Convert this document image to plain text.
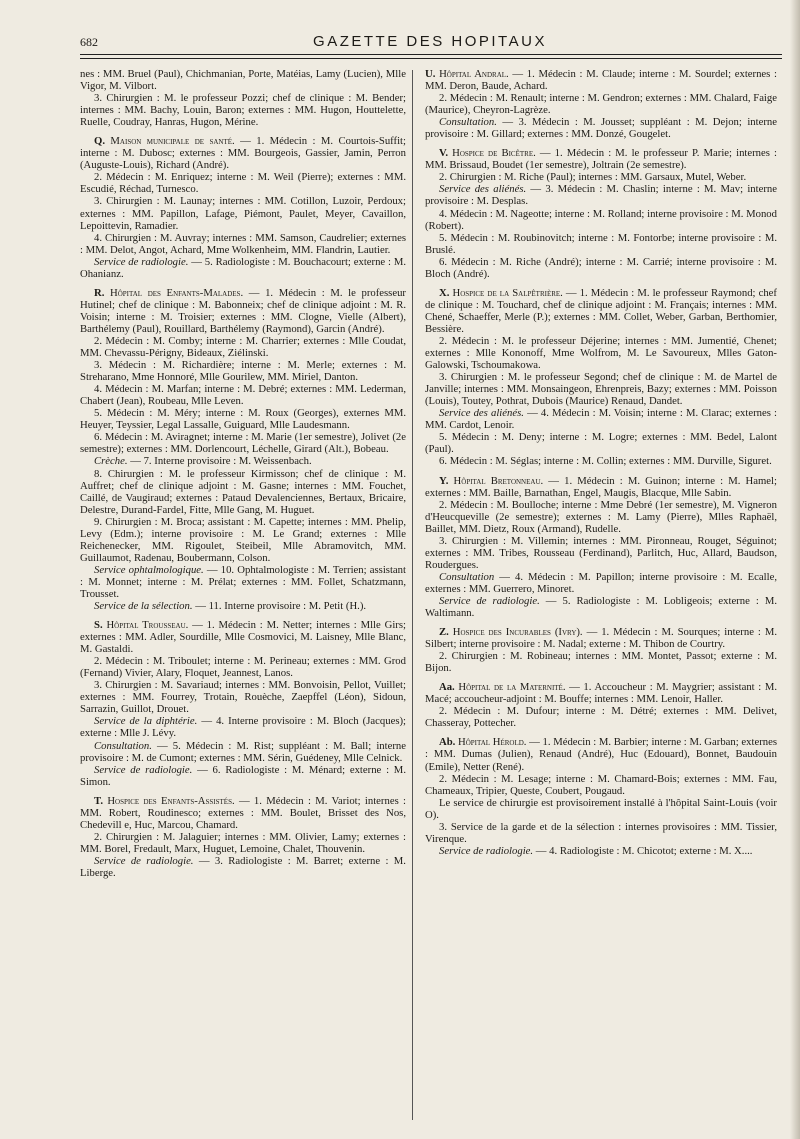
682	GAZETTE DES HOPITAUX

nes : MM. Bruel (Paul), Chichmanian, Porte, Matéias, Lamy (Lucien), Mlle Vigor, M. Vilbort.

3. Chirurgien : M. le professeur Pozzi; chef de clinique : M. Bender; internes : MM. Bachy, Louin, Baron; externes : MM. Hugon, Houttelette, Ruelle, Coudray, Hanras, Hugon, Mérine.

Q. Maison municipale de santé. — 1. Médecin : M. Courtois-Suffit; interne : M. Dubosc; externes : MM. Bourgeois, Gassier, Jamin, Perron (Auguste-Louis), Richard (André).

2. Médecin : M. Enriquez; interne : M. Weil (Pierre); externes : MM. Escudié, Réchad, Turnesco.

3. Chirurgien : M. Launay; internes : MM. Cotillon, Luzoir, Perdoux; externes : MM. Papillon, Lafage, Piémont, Paulet, Meyer, Cavaillon, Lepoittevin, Ramadier.

4. Chirurgien : M. Auvray; internes : MM. Samson, Caudrelier; externes : MM. Delot, Angot, Achard, Mme Wolkenheim, MM. Flandrin, Lautier.

Service de radiologie. — 5. Radiologiste : M. Bouchacourt; externe : M. Ohanianz.

R. Hôpital des Enfants-Malades. — 1. Médecin : M. le professeur Hutinel; chef de clinique : M. Babonneix; chef de clinique adjoint : M. R. Voisin; interne : M. Troisier; externes : MM. Clogne, Vielle (Albert), Barthélemy (Paul), Rouillard, Barthélemy (Raymond), Garcin (André).

2. Médecin : M. Comby; interne : M. Charrier; externes : Mlle Coudat, MM. Chevassu-Périgny, Bideaux, Ziélinski.

3. Médecin : M. Richardière; interne : M. Merle; externes : M. Streharano, Mme Honnoré, Mlle Gourilew, MM. Miriel, Danton.

4. Médecin : M. Marfan; interne : M. Debré; externes : MM. Lederman, Chabert (Jean), Roubeau, Mlle Leven.

5. Médecin : M. Méry; interne : M. Roux (Georges), externes MM. Heuyer, Teyssier, Legal Lassalle, Guiguard, Mlle Laudesmann.

6. Médecin : M. Aviragnet; interne : M. Marie (1er semestre), Jolivet (2e semestre); externes : MM. Dorlencourt, Léchelle, Girard (Alt.), Bobeau.

Crèche. — 7. Interne provisoire : M. Weissenbach.

8. Chirurgien : M. le professeur Kirmisson; chef de clinique : M. Auffret; chef de clinique adjoint : M. Gasne; internes : MM. Fouchet, Caillé, de Vaugiraud; externes : Pataud Devalenciennes, Bertaux, Bricaire, Delestre, Durand-Fardel, Fitte, Mlle Gang, M. Huguet.

9. Chirurgien : M. Broca; assistant : M. Capette; internes : MM. Phelip, Levy (Edm.); interne provisoire : M. Le Grand; externes : Mlle Reichenecker, MM. Rigoulet, Steibeil, Mlle Abramovitch, MM. Guillaumot, Radenau, Boubermann, Colson.

Service ophtalmologique. — 10. Ophtalmologiste : M. Terrien; assistant : M. Monnet; interne : M. Prélat; externes : MM. Follet, Schatzmann, Trousset.

Service de la sélection. — 11. Interne provisoire : M. Petit (H.).

S. Hôpital Trousseau. — 1. Médecin : M. Netter; internes : Mlle Girs; externes : MM. Adler, Sourdille, Mlle Cosmovici, M. Laisney, Mlle Blanc, M. Gastaldi.

2. Médecin : M. Triboulet; interne : M. Perineau; externes : MM. Grod (Fernand) Vivier, Alary, Floquet, Jeannest, Lanos.

3. Chirurgien : M. Savariaud; internes : MM. Bonvoisin, Pellot, Vuillet; externes : MM. Fourrey, Trotain, Rouèche, Zaepffel (Léon), Sidoun, Sarrazin, Guillot, Drouet.

Service de la diphtérie. — 4. Interne provisoire : M. Bloch (Jacques); externe : Mlle J. Lévy.

Consultation. — 5. Médecin : M. Rist; suppléant : M. Ball; interne provisoire : M. de Cumont; externes : MM. Sérin, Guédeney, Mlle Celnick.

Service de radiologie. — 6. Radiologiste : M. Ménard; externe : M. Simon.

T. Hospice des Enfants-Assistés. — 1. Médecin : M. Variot; internes : MM. Robert, Roudinesco; externes : MM. Boulet, Brisset des Nos, Chedevill e, Huc, Marcou, Chamard.

2. Chirurgien : M. Jalaguier; internes : MM. Olivier, Lamy; externes : MM. Borel, Fredault, Marx, Huguet, Lemoine, Chalet, Thouvenin.

Service de radiologie. — 3. Radiologiste : M. Barret; externe : M. Liberge.

U. Hôpital Andral. — 1. Médecin : M. Claude; interne : M. Sourdel; externes : MM. Deron, Baude, Achard.

2. Médecin : M. Renault; interne : M. Gendron; externes : MM. Chalard, Faige (Maurice), Cheyron-Lagrèze.

Consultation. — 3. Médecin : M. Jousset; suppléant : M. Dejon; interne provisoire : M. Gillard; externes : MM. Donzé, Gougelet.

V. Hospice de Bicêtre. — 1. Médecin : M. le professeur P. Marie; internes : MM. Brissaud, Boudet (1er semestre), Joltrain (2e semestre).

2. Chirurgien : M. Riche (Paul); internes : MM. Garsaux, Mutel, Weber.

Service des aliénés. — 3. Médecin : M. Chaslin; interne : M. Mav; interne provisoire : M. Desplas.

4. Médecin : M. Nageotte; interne : M. Rolland; interne provisoire : M. Monod (Robert).

5. Médecin : M. Roubinovitch; interne : M. Fontorbe; interne provisoire : M. Bruslé.

6. Médecin : M. Riche (André); interne : M. Carrié; interne provisoire : M. Bloch (André).

X. Hospice de la Salpêtrière. — 1. Médecin : M. le professeur Raymond; chef de clinique : M. Touchard, chef de clinique adjoint : M. Français; internes : MM. Chené, Schaeffer, Merle (P.); externes : MM. Collet, Weber, Garban, Berthomier, Bessière.

2. Médecin : M. le professeur Déjerine; internes : MM. Jumentié, Chenet; externes : Mlle Kononoff, Mme Wolfrom, M. Le Savoureux, Mlles Gaton-Galowski, Tschoumakowa.

3. Chirurgien : M. le professeur Segond; chef de clinique : M. de Martel de Janville; internes : MM. Monsaingeon, Ehrenpreis, Bazy; externes : MM. Poisson (Louis), Toutey, Pothrat, Dubois (Maurice) Renaud, Dandet.

Service des aliénés. — 4. Médecin : M. Voisin; interne : M. Clarac; externes : MM. Cardot, Lenoir.

5. Médecin : M. Deny; interne : M. Logre; externes : MM. Bedel, Lalont (Paul).

6. Médecin : M. Séglas; interne : M. Collin; externes : MM. Durville, Siguret.

Y. Hôpital Bretonneau. — 1. Médecin : M. Guinon; interne : M. Hamel; externes : MM. Baille, Barnathan, Engel, Maugis, Blacque, Mlle Sabin.

2. Médecin : M. Boulloche; interne : Mme Debré (1er semestre), M. Vigneron d'Heucqueville (2e semestre); externes : M. Lamy (Pierre), Mlles Raphaël, Baillet, MM. Dietz, Roux (Armand), Rudelle.

3. Chirurgien : M. Villemin; internes : MM. Pironneau, Rouget, Séguinot; externes : MM. Tribes, Rousseau (Ferdinand), Parlitch, Huc, Allard, Baudson, Roudergues.

Consultation — 4. Médecin : M. Papillon; interne provisoire : M. Ecalle, externes : MM. Guerrero, Minoret.

Service de radiologie. — 5. Radiologiste : M. Lobligeois; externe : M. Waltimann.

Z. Hospice des Incurables (Ivry). — 1. Médecin : M. Sourques; interne : M. Silbert; interne provisoire : M. Nadal; externe : M. Thibon de Courtry.

2. Chirurgien : M. Robineau; internes : MM. Montet, Passot; externe : M. Bijon.

Aa. Hôpital de la Maternité. — 1. Accoucheur : M. Maygrier; assistant : M. Macé; accoucheur-adjoint : M. Bouffe; internes : MM. Lenoir, Haller.

2. Médecin : M. Dufour; interne : M. Détré; externes : MM. Delivet, Chasseray, Pottecher.

Ab. Hôpital Hérold. — 1. Médecin : M. Barbier; interne : M. Garban; externes : MM. Dumas (Julien), Renaud (André), Huc (Edouard), Bonnet, Baudouin (Emile), Netter (René).

2. Médecin : M. Lesage; interne : M. Chamard-Bois; externes : MM. Fau, Chameaux, Tripier, Queste, Coubert, Pougaud.

Le service de chirurgie est provisoirement installé à l'hôpital Saint-Louis (voir O).

3. Service de la garde et de la sélection : internes provisoires : MM. Tissier, Virenque.

Service de radiologie. — 4. Radiologiste : M. Chicotot; externe : M. X....
